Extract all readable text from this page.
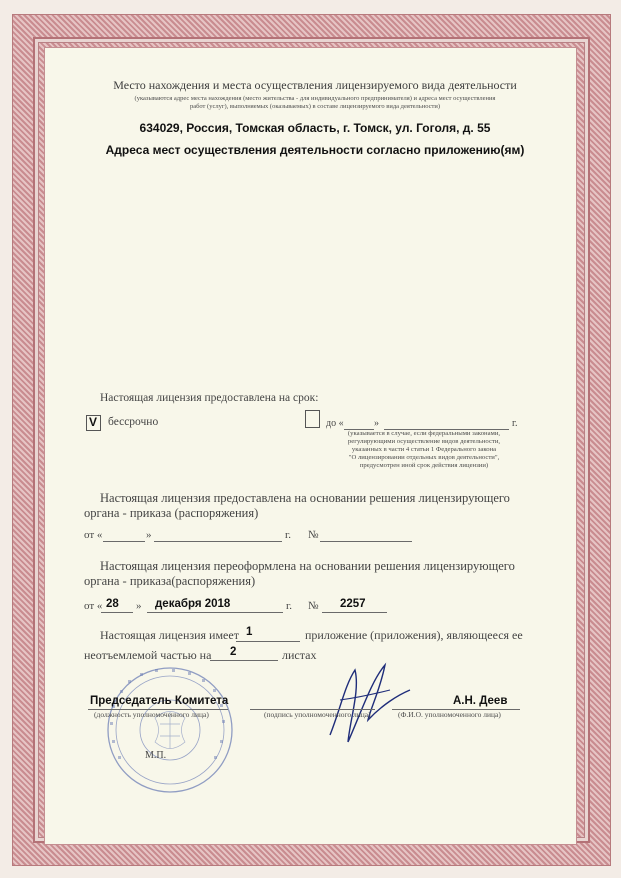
Место нахождения и места осуществления лицензируемого вида деятельности
(указываются адрес места нахождения (место жительства - для индивидуального предпринимателя) и адреса мест осуществления
работ (услуг), выполняемых (оказываемых) в составе лицензируемого вида деятельности)
634029, Россия, Томская область, г. Томск, ул. Гоголя, д. 55
Адреса мест осуществления деятельности согласно приложению(ям)
Настоящая лицензия предоставлена на срок:
V бессрочно	до «	»	г.
(указывается в случае, если федеральными законами,
регулирующими осуществление видов деятельности,
указанных в части 4 статьи 1 Федерального закона
"О лицензировании отдельных видов деятельности",
предусмотрен иной срок действия лицензии)
Настоящая лицензия предоставлена на основании решения лицензирующего
органа - приказа (распоряжения)
от «	»	г. №
Настоящая лицензия переоформлена на основании решения лицензирующего
органа - приказа(распоряжения)
от « 28 » декабря 2018	г. № 2257
Настоящая лицензия имеет 1	приложение (приложения), являющееся ее
неотъемлемой частью на 2	листах
Председатель Комитета
(должность уполномоченного лица)	(подпись уполномоченного лица)
А.Н. Деев
(Ф.И.О. уполномоченного лица)
М.П.
